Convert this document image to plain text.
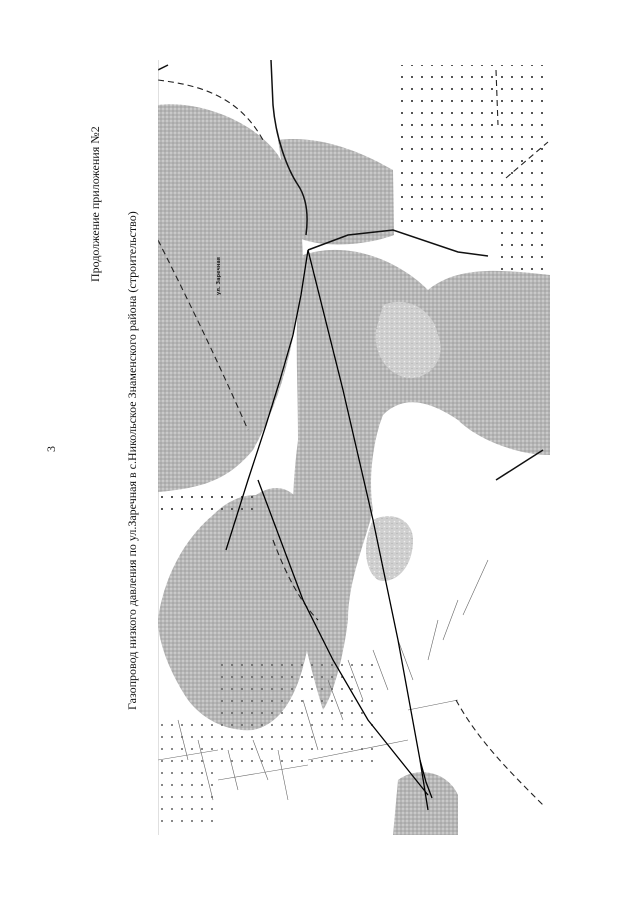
3
Продолжение приложения №2
Газопровод низкого давления по ул.Заречная в с.Никольское Знаменского района (строительство)	ул. Заречная
